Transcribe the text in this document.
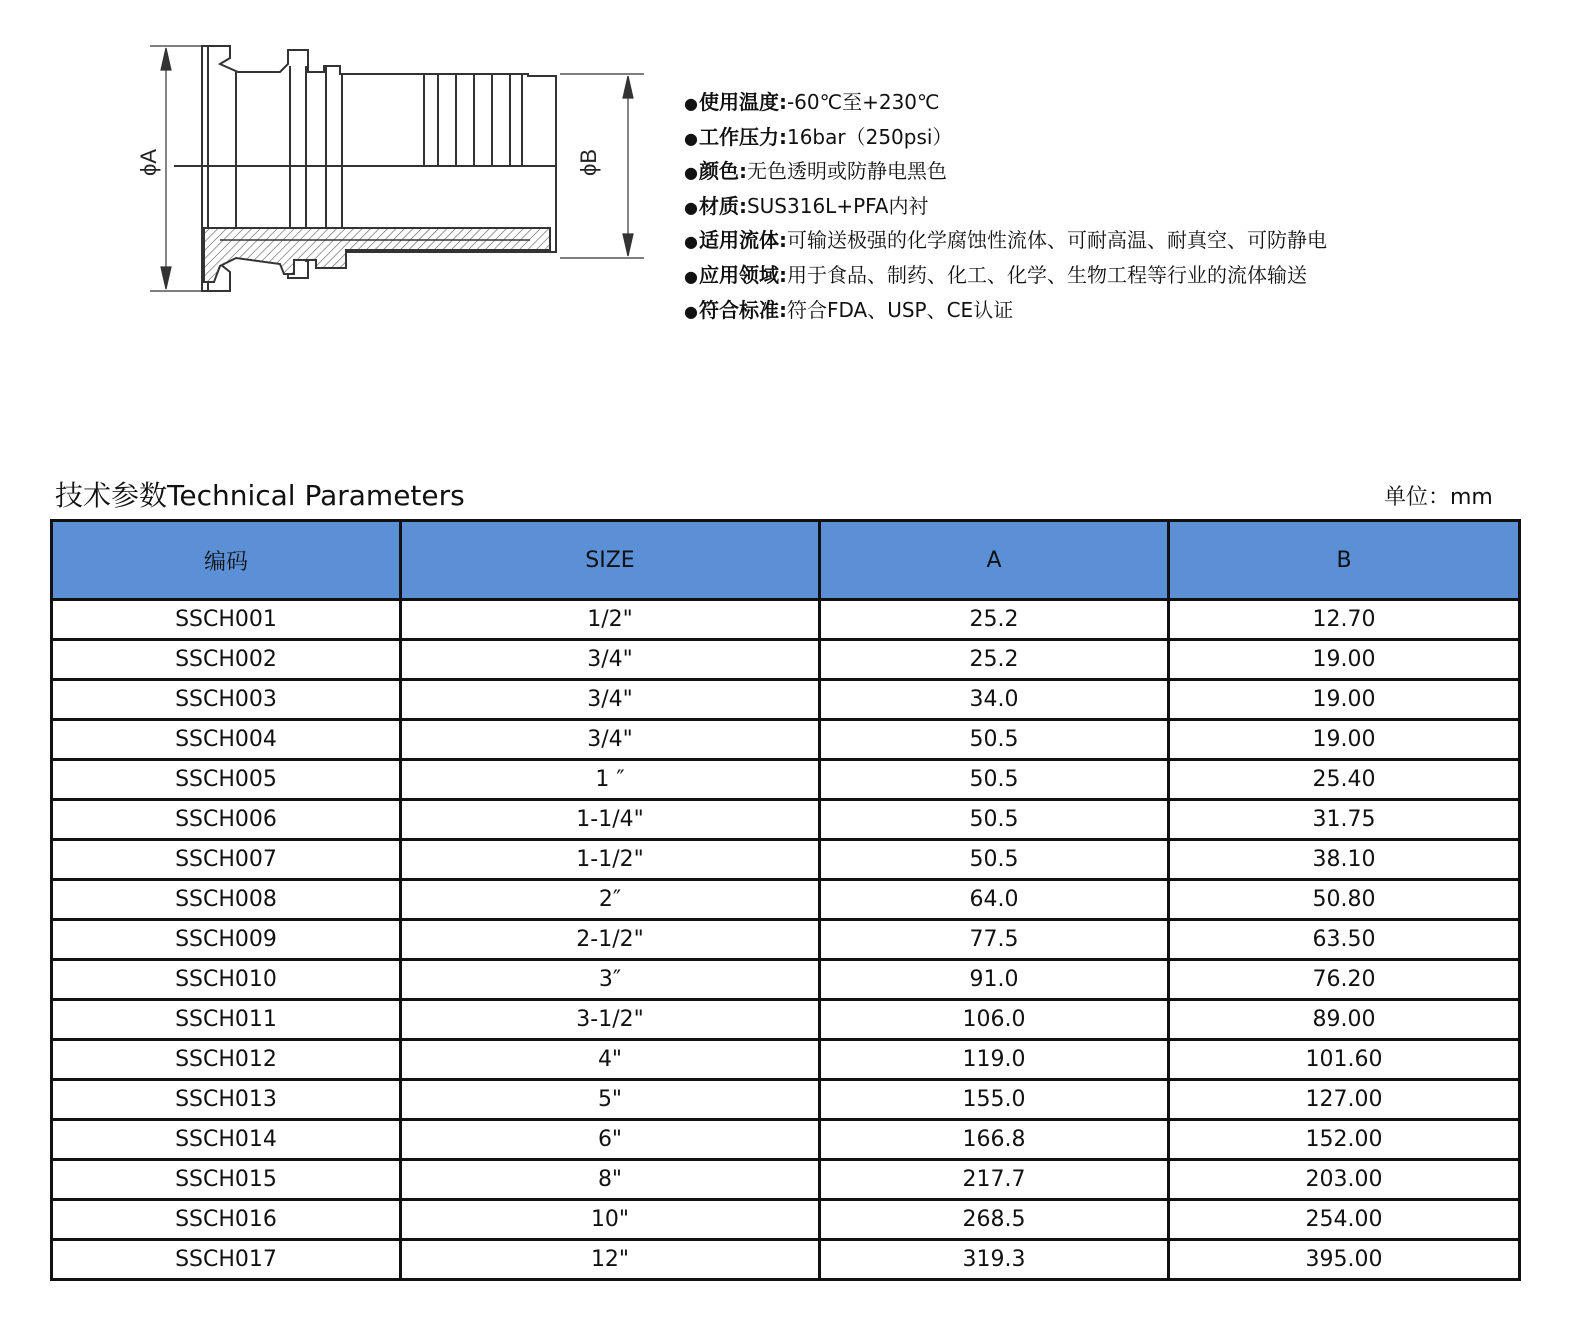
ϕA	ϕB
●使用温度:-60℃至+230℃
●工作压力:16bar（250psi）
●颜色:无色透明或防静电黑色
●材质:SUS316L+PFA内衬
●适用流体:可输送极强的化学腐蚀性流体、可耐高温、耐真空、可防静电
●应用领域:用于食品、制药、化工、化学、生物工程等行业的流体输送
●符合标准:符合FDA、USP、CE认证
技术参数Technical Parameters	单位：mm
编码	SIZE	A	B
SSCH001	1/2"	25.2	12.70
SSCH002	3/4"	25.2	19.00
SSCH003	3/4"	34.0	19.00
SSCH004	3/4"	50.5	19.00
SSCH005	1 ″	50.5	25.40
SSCH006	1-1/4"	50.5	31.75
SSCH007	1-1/2"	50.5	38.10
SSCH008	2″	64.0	50.80
SSCH009	2-1/2"	77.5	63.50
SSCH010	3″	91.0	76.20
SSCH011	3-1/2"	106.0	89.00
SSCH012	4"	119.0	101.60
SSCH013	5"	155.0	127.00
SSCH014	6"	166.8	152.00
SSCH015	8"	217.7	203.00
SSCH016	10"	268.5	254.00
SSCH017	12"	319.3	395.00
